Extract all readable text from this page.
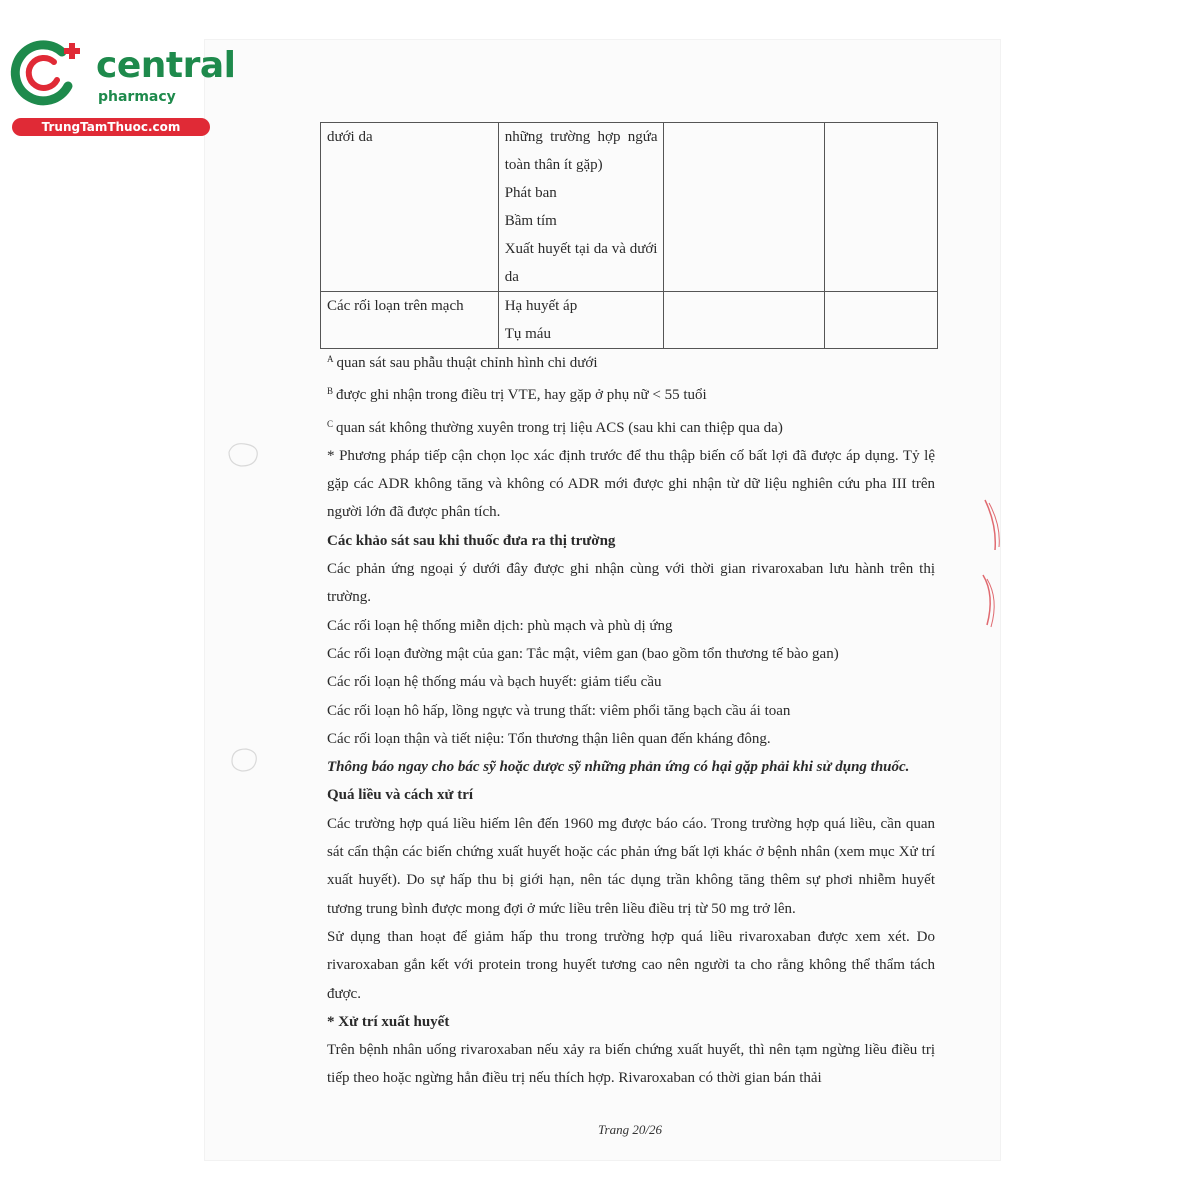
central
pharmacy
TrungTamThuoc.com
dưới da	những trường hợp ngứa toàn thân ít gặp)
Phát ban
Bầm tím
Xuất huyết tại da và dưới da		

Các rối loạn trên mạch	Hạ huyết áp
Tụ máu		

$^A$ quan sát sau phẫu thuật chỉnh hình chi dưới

$^B$ được ghi nhận trong điều trị VTE, hay gặp ở phụ nữ < 55 tuổi

$^C$ quan sát không thường xuyên trong trị liệu ACS (sau khi can thiệp qua da)

* Phương pháp tiếp cận chọn lọc xác định trước để thu thập biến cố bất lợi đã được áp dụng. Tỷ lệ gặp các ADR không tăng và không có ADR mới được ghi nhận từ dữ liệu nghiên cứu pha III trên người lớn đã được phân tích.

Các khảo sát sau khi thuốc đưa ra thị trường

Các phản ứng ngoại ý dưới đây được ghi nhận cùng với thời gian rivaroxaban lưu hành trên thị trường.

Các rối loạn hệ thống miễn dịch: phù mạch và phù dị ứng

Các rối loạn đường mật của gan: Tắc mật, viêm gan (bao gồm tổn thương tế bào gan)

Các rối loạn hệ thống máu và bạch huyết: giảm tiểu cầu

Các rối loạn hô hấp, lồng ngực và trung thất: viêm phổi tăng bạch cầu ái toan

Các rối loạn thận và tiết niệu: Tổn thương thận liên quan đến kháng đông.

Thông báo ngay cho bác sỹ hoặc dược sỹ những phản ứng có hại gặp phải khi sử dụng thuốc.

Quá liều và cách xử trí

Các trường hợp quá liều hiếm lên đến 1960 mg được báo cáo. Trong trường hợp quá liều, cần quan sát cẩn thận các biến chứng xuất huyết hoặc các phản ứng bất lợi khác ở bệnh nhân (xem mục Xử trí xuất huyết). Do sự hấp thu bị giới hạn, nên tác dụng trần không tăng thêm sự phơi nhiễm huyết tương trung bình được mong đợi ở mức liều trên liều điều trị từ 50 mg trở lên.

Sử dụng than hoạt để giảm hấp thu trong trường hợp quá liều rivaroxaban được xem xét. Do rivaroxaban gắn kết với protein trong huyết tương cao nên người ta cho rằng không thể thẩm tách được.

* Xử trí xuất huyết

Trên bệnh nhân uống rivaroxaban nếu xảy ra biến chứng xuất huyết, thì nên tạm ngừng liều điều trị tiếp theo hoặc ngừng hẳn điều trị nếu thích hợp. Rivaroxaban có thời gian bán thải

Trang 20/26
